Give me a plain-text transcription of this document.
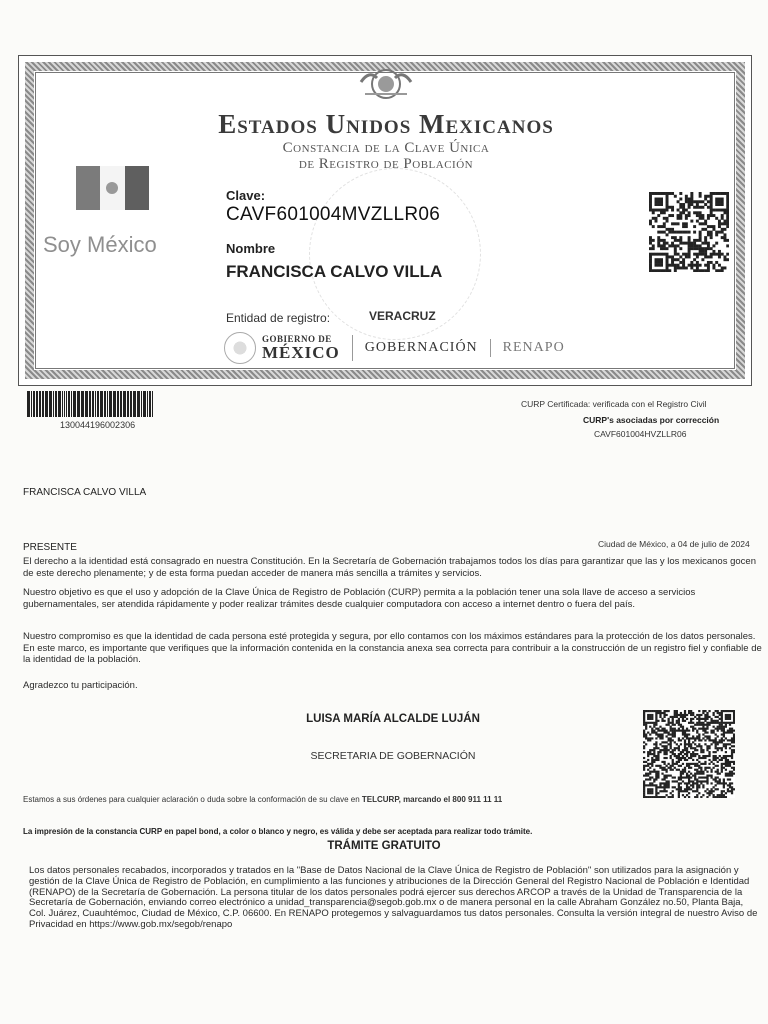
Estados Unidos Mexicanos
Constancia de la Clave Única
de Registro de Población
Soy México
Clave:
CAVF601004MVZLLR06
Nombre
FRANCISCA CALVO VILLA
Entidad de registro:	VERACRUZ
GOBIERNO DE
MÉXICO GOBERNACIÓN RENAPO
130044196002306
CURP Certificada: verificada con el Registro Civil
CURP's asociadas por corrección
CAVF601004HVZLLR06
FRANCISCA CALVO VILLA
PRESENTE	Ciudad de México, a 04 de julio de 2024
El derecho a la identidad está consagrado en nuestra Constitución. En la Secretaría de Gobernación trabajamos todos los días para garantizar que las y los mexicanos gocen de este derecho plenamente; y de esta forma puedan acceder de manera más sencilla a trámites y servicios.
Nuestro objetivo es que el uso y adopción de la Clave Única de Registro de Población (CURP) permita a la población tener una sola llave de acceso a servicios gubernamentales, ser atendida rápidamente y poder realizar trámites desde cualquier computadora con acceso a internet dentro o fuera del país.
Nuestro compromiso es que la identidad de cada persona esté protegida y segura, por ello contamos con los máximos estándares para la protección de los datos personales. En este marco, es importante que verifiques que la información contenida en la constancia anexa sea correcta para contribuir a la construcción de un registro fiel y confiable de la identidad de la población.
Agradezco tu participación.
LUISA MARÍA ALCALDE LUJÁN
SECRETARIA DE GOBERNACIÓN
Estamos a sus órdenes para cualquier aclaración o duda sobre la conformación de su clave en TELCURP, marcando el 800 911 11 11
La impresión de la constancia CURP en papel bond, a color o blanco y negro, es válida y debe ser aceptada para realizar todo trámite.
TRÁMITE GRATUITO
Los datos personales recabados, incorporados y tratados en la "Base de Datos Nacional de la Clave Única de Registro de Población" son utilizados para la asignación y gestión de la Clave Única de Registro de Población, en cumplimiento a las funciones y atribuciones de la Dirección General del Registro Nacional de Población e Identidad (RENAPO) de la Secretaría de Gobernación. La persona titular de los datos personales podrá ejercer sus derechos ARCOP a través de la Unidad de Transparencia de la Secretaría de Gobernación, enviando correo electrónico a unidad_transparencia@segob.gob.mx o de manera personal en la calle Abraham González no.50, Planta Baja, Col. Juárez, Cuauhtémoc, Ciudad de México, C.P. 06600. En RENAPO protegemos y salvaguardamos tus datos personales. Consulta la versión integral de nuestro Aviso de Privacidad en https://www.gob.mx/segob/renapo
